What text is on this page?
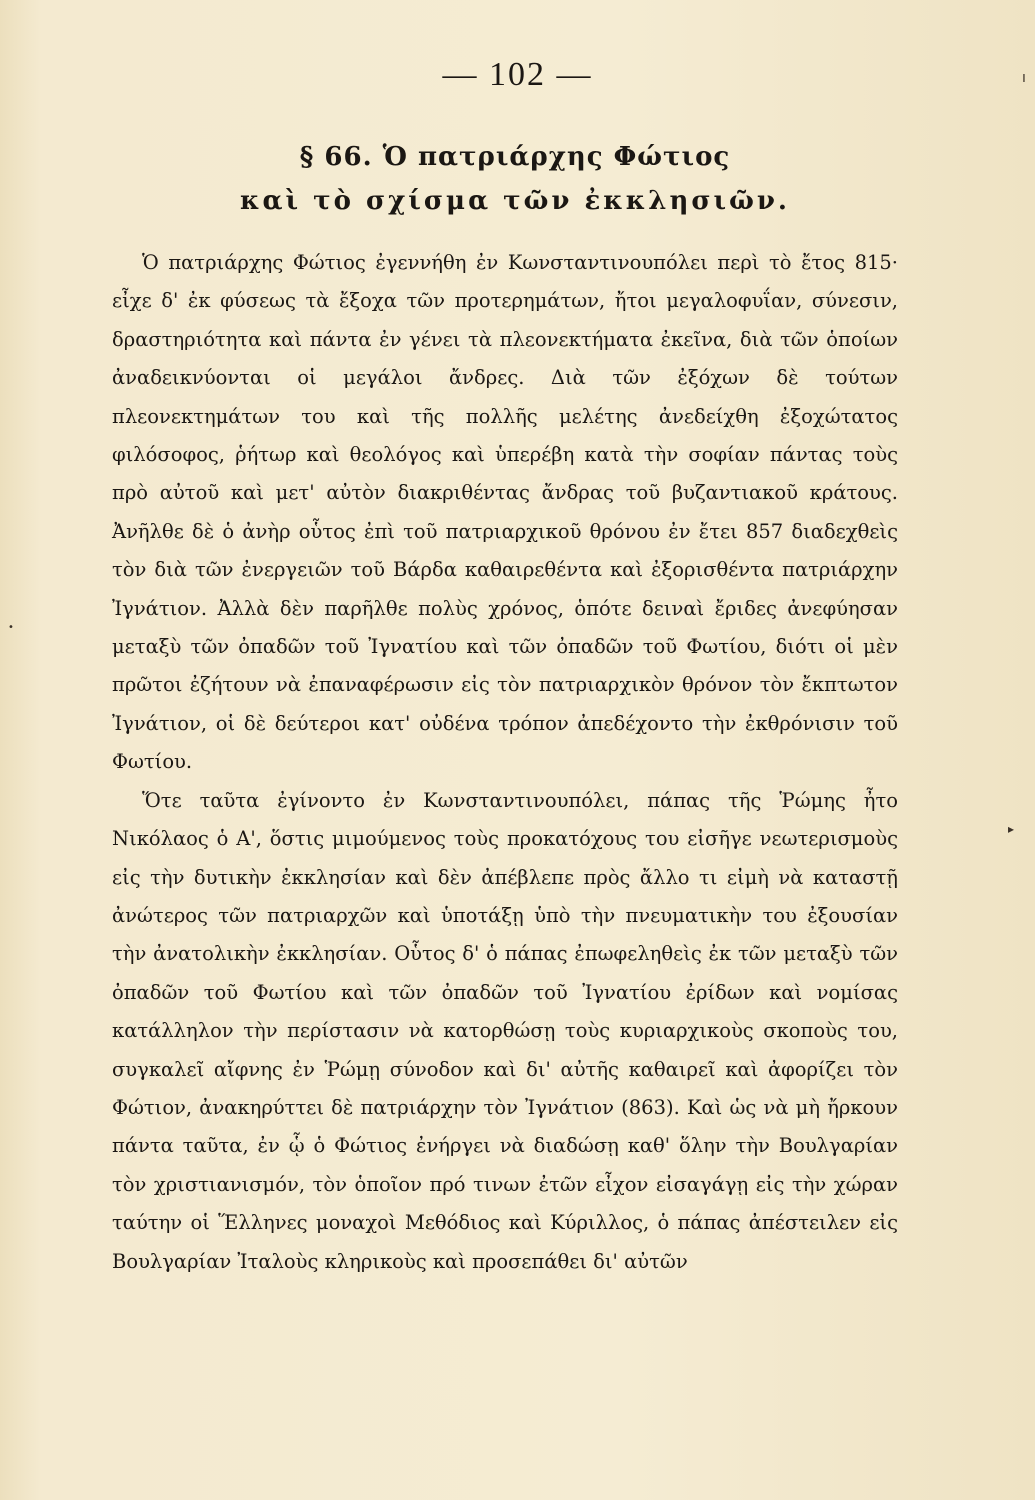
— 102 —
§ 66. Ὁ πατριάρχης Φώτιος
καὶ τὸ σχίσμα τῶν ἐκκλησιῶν.

Ὁ πατριάρχης Φώτιος ἐγεννήθη ἐν Κωνσταντινουπόλει περὶ τὸ ἔτος 815· εἶχε δ' ἐκ φύσεως τὰ ἔξοχα τῶν προτερημάτων, ἤτοι μεγαλοφυΐαν, σύνεσιν, δραστηριότητα καὶ πάντα ἐν γένει τὰ πλεονεκτήματα ἐκεῖνα, διὰ τῶν ὁποίων ἀναδεικνύονται οἱ μεγάλοι ἄνδρες. Διὰ τῶν ἐξόχων δὲ τούτων πλεονεκτημάτων του καὶ τῆς πολλῆς μελέτης ἀνεδείχθη ἐξοχώτατος φιλόσοφος, ῥήτωρ καὶ θεολόγος καὶ ὑπερέβη κατὰ τὴν σοφίαν πάντας τοὺς πρὸ αὐτοῦ καὶ μετ' αὐτὸν διακριθέντας ἄνδρας τοῦ βυζαντιακοῦ κράτους. Ἀνῆλθε δὲ ὁ ἀνὴρ οὗτος ἐπὶ τοῦ πατριαρχικοῦ θρόνου ἐν ἔτει 857 διαδεχθεὶς τὸν διὰ τῶν ἐνεργειῶν τοῦ Βάρδα καθαιρεθέντα καὶ ἐξορισθέντα πατριάρχην Ἰγνάτιον. Ἀλλὰ δὲν παρῆλθε πολὺς χρόνος, ὁπότε δειναὶ ἔριδες ἀνεφύησαν μεταξὺ τῶν ὀπαδῶν τοῦ Ἰγνατίου καὶ τῶν ὀπαδῶν τοῦ Φωτίου, διότι οἱ μὲν πρῶτοι ἐζήτουν νὰ ἐπαναφέρωσιν εἰς τὸν πατριαρχικὸν θρόνον τὸν ἔκπτωτον Ἰγνάτιον, οἱ δὲ δεύτεροι κατ' οὐδένα τρόπον ἀπεδέχοντο τὴν ἐκθρόνισιν τοῦ Φωτίου.

Ὅτε ταῦτα ἐγίνοντο ἐν Κωνσταντινουπόλει, πάπας τῆς Ῥώμης ἦτο Νικόλαος ὁ Α', ὅστις μιμούμενος τοὺς προκατόχους του εἰσῆγε νεωτερισμοὺς εἰς τὴν δυτικὴν ἐκκλησίαν καὶ δὲν ἀπέβλεπε πρὸς ἄλλο τι εἰμὴ νὰ καταστῇ ἀνώτερος τῶν πατριαρχῶν καὶ ὑποτάξῃ ὑπὸ τὴν πνευματικὴν του ἐξουσίαν τὴν ἀνατολικὴν ἐκκλησίαν. Οὗτος δ' ὁ πάπας ἐπωφεληθεὶς ἐκ τῶν μεταξὺ τῶν ὀπαδῶν τοῦ Φωτίου καὶ τῶν ὀπαδῶν τοῦ Ἰγνατίου ἐρίδων καὶ νομίσας κατάλληλον τὴν περίστασιν νὰ κατορθώσῃ τοὺς κυριαρχικοὺς σκοποὺς του, συγκαλεῖ αἴφνης ἐν Ῥώμῃ σύνοδον καὶ δι' αὐτῆς καθαιρεῖ καὶ ἀφορίζει τὸν Φώτιον, ἀνακηρύττει δὲ πατριάρχην τὸν Ἰγνάτιον (863). Καὶ ὡς νὰ μὴ ἤρκουν πάντα ταῦτα, ἐν ᾧ ὁ Φώτιος ἐνήργει νὰ διαδώσῃ καθ' ὅλην τὴν Βουλγαρίαν τὸν χριστιανισμόν, τὸν ὁποῖον πρό τινων ἐτῶν εἶχον εἰσαγάγῃ εἰς τὴν χώραν ταύτην οἱ Ἕλληνες μοναχοὶ Μεθόδιος καὶ Κύριλλος, ὁ πάπας ἀπέστειλεν εἰς Βουλγαρίαν Ἰταλοὺς κληρικοὺς καὶ προσεπάθει δι' αὐτῶν

ı
▸
•
